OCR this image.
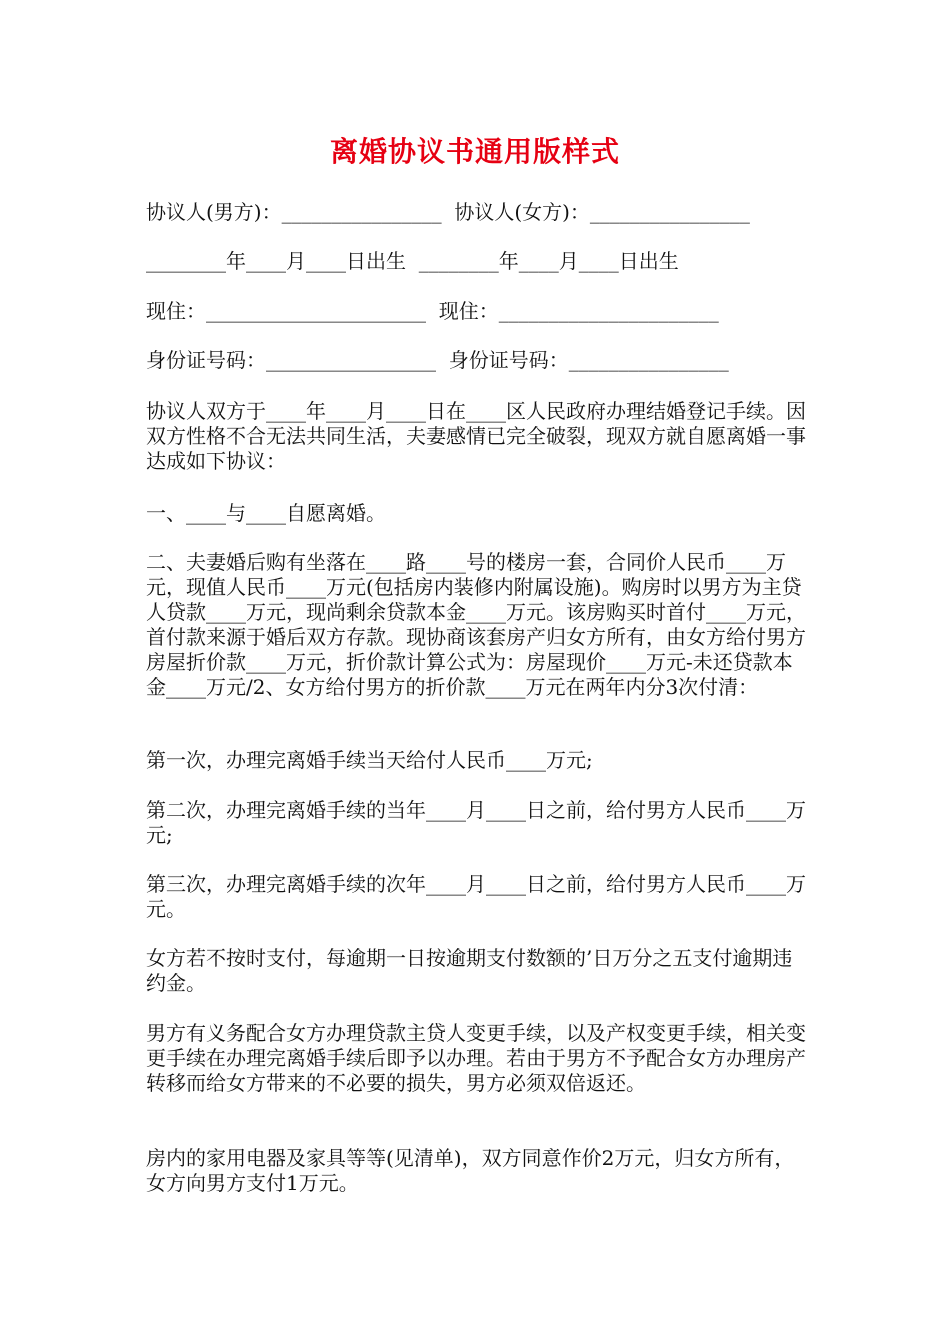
离婚协议书通用版样式

协议人(男方)：________________  协议人(女方)：________________

________年____月____日出生  ________年____月____日出生

现住：______________________  现住：______________________

身份证号码：_________________  身份证号码：________________

协议人双方于____年____月____日在____区人民政府办理结婚登记手续。因双方性格不合无法共同生活，夫妻感情已完全破裂，现双方就自愿离婚一事达成如下协议：

一、____与____自愿离婚。

二、夫妻婚后购有坐落在____路____号的楼房一套，合同价人民币____万元，现值人民币____万元(包括房内装修内附属设施)。购房时以男方为主贷人贷款____万元，现尚剩余贷款本金____万元。该房购买时首付____万元，首付款来源于婚后双方存款。现协商该套房产归女方所有，由女方给付男方房屋折价款____万元，折价款计算公式为：房屋现价____万元-未还贷款本金____万元/2、女方给付男方的折价款____万元在两年内分3次付清：

第一次，办理完离婚手续当天给付人民币____万元;

第二次，办理完离婚手续的当年____月____日之前，给付男方人民币____万元;

第三次，办理完离婚手续的次年____月____日之前，给付男方人民币____万元。

女方若不按时支付，每逾期一日按逾期支付数额的’日万分之五支付逾期违约金。

男方有义务配合女方办理贷款主贷人变更手续，以及产权变更手续，相关变更手续在办理完离婚手续后即予以办理。若由于男方不予配合女方办理房产转移而给女方带来的不必要的损失，男方必须双倍返还。

房内的家用电器及家具等等(见清单)，双方同意作价2万元，归女方所有，女方向男方支付1万元。
